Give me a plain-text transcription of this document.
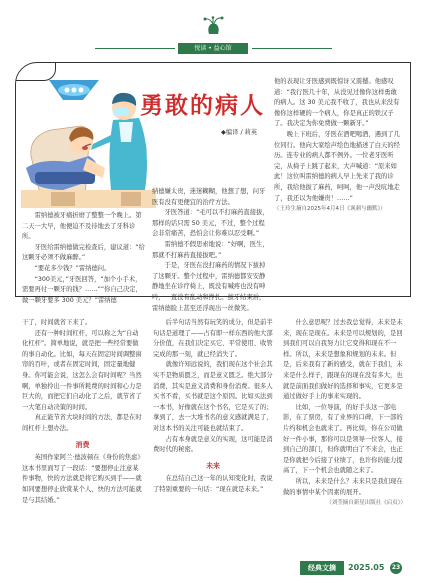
悦读 • 益心馆
勇敢的病人
◆编译 / 莉英

雷纳德被牙痛折磨了整整一个晚上。第二天一大早，他便迫不及待地去了牙科诊所。

牙医给雷纳德做完检查后，建议道：“给这颗牙必须不做麻醉。”

“要花多少钱？”雷纳德问。

“300美元，”牙医回答，“加个小手术，需要再付一颗牙的钱？……”“你自己决定，做一颗牙要多 300 美元？”雷纳德

纳德嫌太贵，迷迷糊糊，他想了想，问牙医有没有更便宜的治疗方法。

牙医答道：“毛可以不打麻药直接拔，那样的话只需 50 美元，不过，整个过程会非常痛苦，恐怕会让你难以忍受啊。”

雷纳德不假思索地说：“好啊，医生，那就不打麻药直接拔吧。”

于是，牙医在没打麻药的情况下拔掉了这颗牙。整个过程中，雷纳德都安安静静地坐在诊疗椅上，既没有喊疼也没有呻吟，一直没有乱动和挣扎。拔牙结束后，雷纳德脸上甚至还浮现出一丝微笑。

他的表现让牙医感到既惊讶又震撼。他感叹道：“我行医几十年，从没见过像你这样勇敢的病人。这 30 美元我不收了，我也从来没有像你这样硬的一个病人，你是真正的铁汉子了。我决定为你免费做一颗新牙。”

晚上下班后，牙医在酒吧喝酒，遇到了几位同行。他向大家绘声绘色地描述了白天的经历。连专业的病人都不例外。一位老牙医听完，从椅子上跳了起来，大声喊道：“原来如此！这位叫雷纳德的病人早上先来了我的诊所，我给他拔了麻药，呵呵，他一声没吭地走了，我还以为他嫌贵！……”

（王玲生摘自2025年4月4日《讽刺与幽默》）

干了，时间就省下来了。

还有一种时间杠杆，可以称之为“自动化杠杆”。简单地说，就是把一些经常要做的事自动化。比如，每天在固定时间调整窗帘的百叶，或者在固定时间，固定量地健身。你可能会说，这怎么会有时间呢？当然啊，单独拎出一件事所耗费的时间和心力是巨大的，而把它们自动化了之后，就节省了一大笔自动决策的时间。

真正能节省大块时间的方法，都是在时间杠杆上想办法。

消费

英国作家阿兰·德波顿在《身份的焦虑》这本书里面写了一段话：“要想停止注意某件事物，快的方法就是将它购买到手——就如同要想停止欣赏某个人，快的方法可能就是与其结婚。”

后半句话当然有玩笑的成分，但是前半句话是道理了——占有即一样东西的他大部分价值，在我们决定买它、平常使用、收管完成的那一刻，就已经消失了。

就像许知远说的，我们现在这个社会其实不是物质匮乏，而是意义匮乏。绝大部分消费，其实是意义消费和身份消费。很多人买书不看，买书就是这个原因。比如买法到一本书，好像就在这个书名，它是买了的；拿到了，去一大堆书名的意义感就满足了，对这本书的关注可能也就结束了。

占有本身就是意义的实现，这可能是消费时代的秘密。

未来

在总结自己这一年的认知变化时，我说了特别重要的一句话：“现在就是未来。”

什么意思呢？过去我总觉得，未来是未来，现在是现在。未来是可以规划的，是回到我们可以自我努力让它变得和现在不一样。所以，未来是想象和规划的未来。但是，后来我有了新的感受，就在于我们，未来是什么样子，跟现在的现在没有多大，也就是前面我们做好的选择和事实，它更多是通过做好手上的事来实现的。

比如，一位导演，的好手头这一部电影，在了票房，有了业界的口碑，下一部的片约和机会也就来了。再比如，你在公司做好一件小事，那你可以是领导一位客人，接到自己的部门，但你就明白了不来会，也正是你就把今后接了业绩了，也许你的能力提高了，下一个机会也就随之来了。

所以，未来是什么？未来只是我们现在做的事情中某个因素的展开。

（刘莹摘自新星出版社《启页》）

经典文摘	2025.05	23
